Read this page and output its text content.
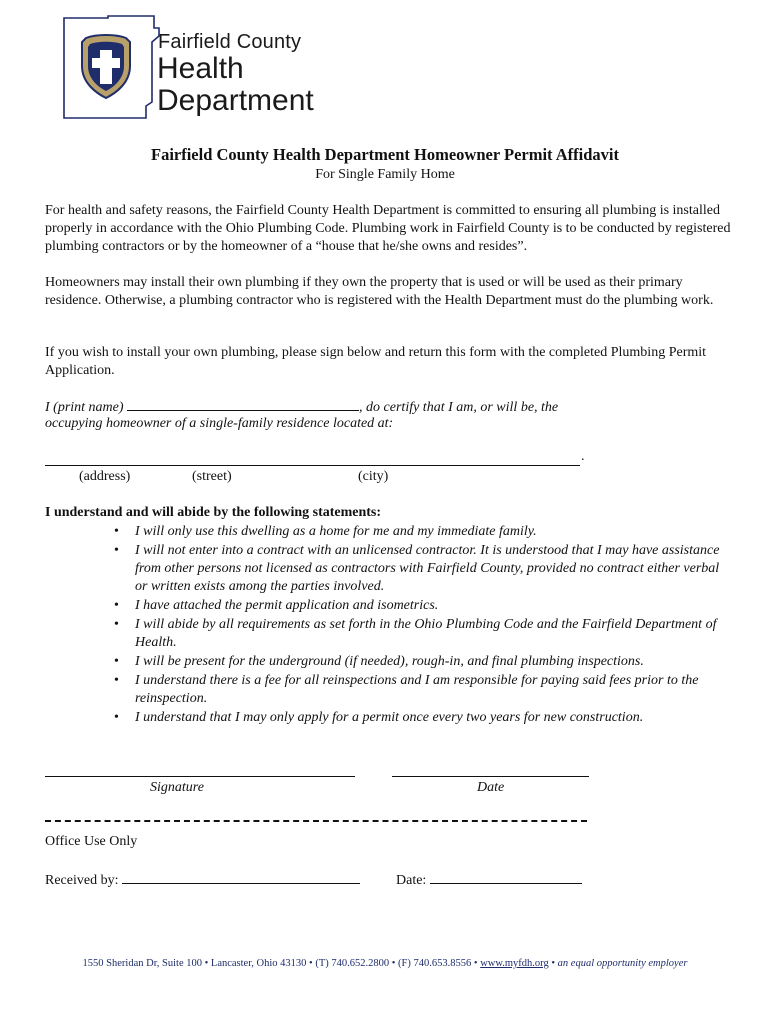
Fairfield County
Health
Department
Fairfield County Health Department Homeowner Permit Affidavit
For Single Family Home
For health and safety reasons, the Fairfield County Health Department is committed to ensuring all plumbing is installed properly in accordance with the Ohio Plumbing Code. Plumbing work in Fairfield County is to be conducted by registered plumbing contractors or by the homeowner of a “house that he/she owns and resides”.
Homeowners may install their own plumbing if they own the property that is used or will be used as their primary residence. Otherwise, a plumbing contractor who is registered with the Health Department must do the plumbing work.
If you wish to install your own plumbing, please sign below and return this form with the completed Plumbing Permit Application.
I (print name)	, do certify that I am, or will be, the
occupying homeowner of a single-family residence located at:
.
(address)	(street)	(city)
I understand and will abide by the following statements:
• I will only use this dwelling as a home for me and my immediate family.
• I will not enter into a contract with an unlicensed contractor. It is understood that I may have assistance from other persons not licensed as contractors with Fairfield County, provided no contract either verbal or written exists among the parties involved.
• I have attached the permit application and isometrics.
• I will abide by all requirements as set forth in the Ohio Plumbing Code and the Fairfield Department of Health.
• I will be present for the underground (if needed), rough-in, and final plumbing inspections.
• I understand there is a fee for all reinspections and I am responsible for paying said fees prior to the reinspection.
• I understand that I may only apply for a permit once every two years for new construction.
Signature	Date
Office Use Only
Received by:	Date:
1550 Sheridan Dr, Suite 100 • Lancaster, Ohio 43130 • (T) 740.652.2800 • (F) 740.653.8556 • www.myfdh.org • an equal opportunity employer
